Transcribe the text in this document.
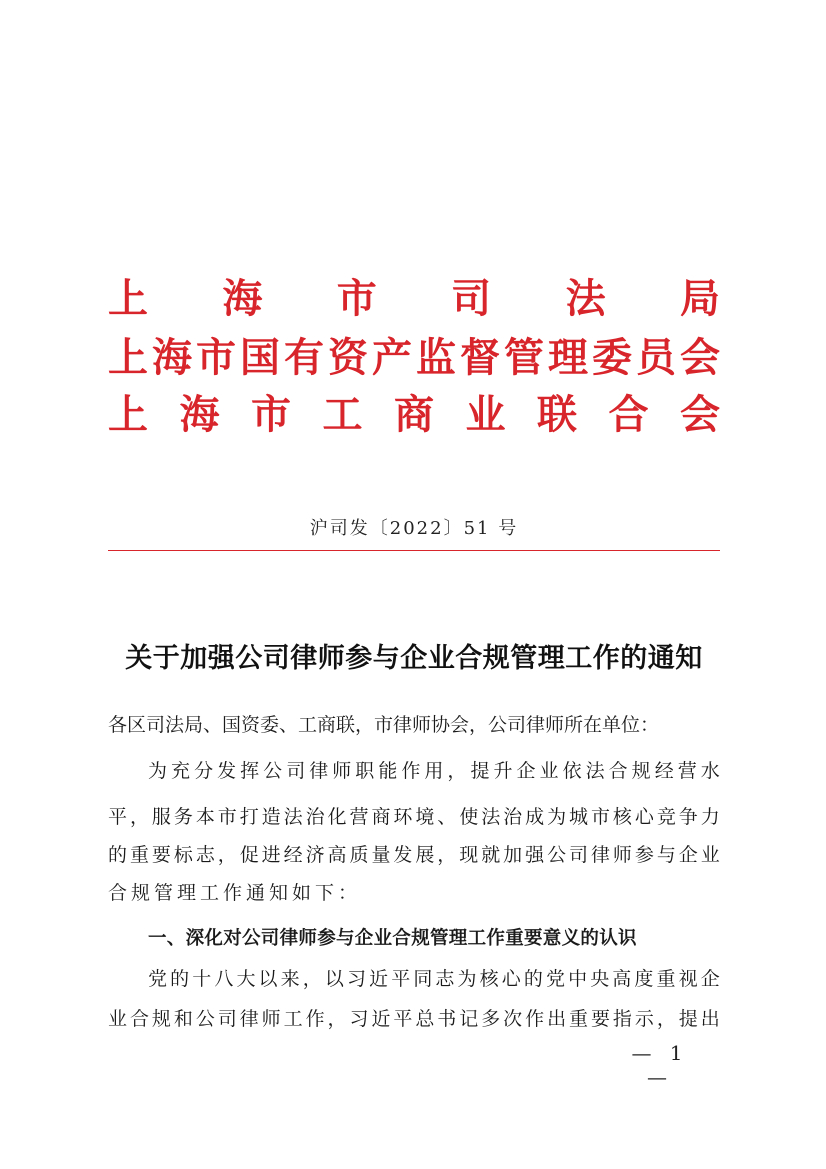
上 海 市 司 法 局
上 海 市 国 有 资 产 监 督 管 理 委 员 会
上 海 市 工 商 业 联 合 会
沪司发〔2022〕51 号
关于加强公司律师参与企业合规管理工作的通知
各区司法局、国资委、工商联，市律师协会，公司律师所在单位：
为 充 分 发 挥 公 司 律 师 职 能 作 用 ， 提 升 企 业 依 法 合 规 经 营 水
平 ， 服 务 本 市 打 造 法 治 化 营 商 环 境 、 使 法 治 成 为 城 市 核 心 竞 争 力
的 重 要 标 志 ， 促 进 经 济 高 质 量 发 展 ， 现 就 加 强 公 司 律 师 参 与 企 业
合规管理工作通知如下：
一、深化对公司律师参与企业合规管理工作重要意义的认识
党 的 十 八 大 以 来 ， 以 习 近 平 同 志 为 核 心 的 党 中 央 高 度 重 视 企
业 合 规 和 公 司 律 师 工 作 ， 习 近 平 总 书 记 多 次 作 出 重 要 指 示 ， 提 出
— 1 —
